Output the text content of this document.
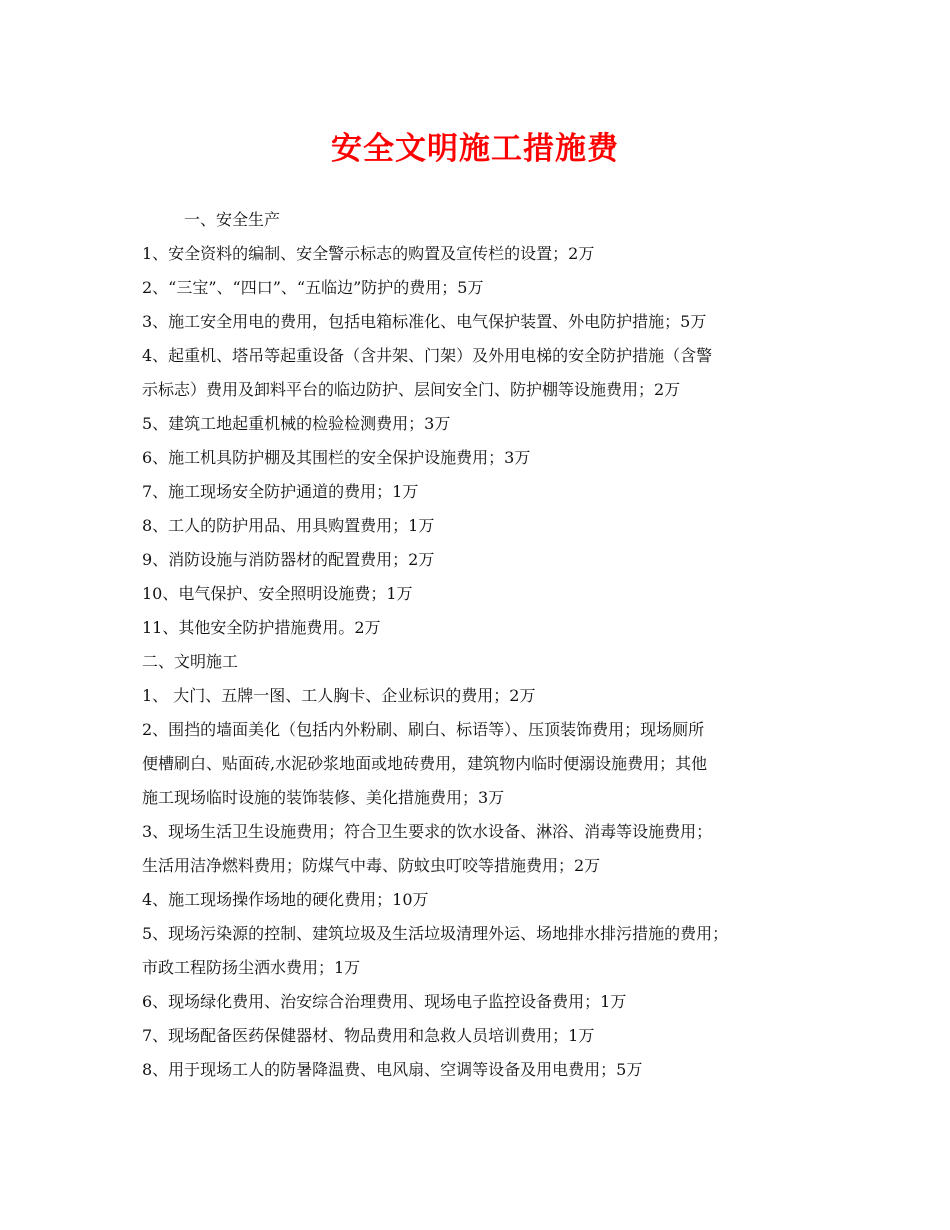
安全文明施工措施费
一、安全生产
1、安全资料的编制、安全警示标志的购置及宣传栏的设置；2万
2、“三宝”、“四口”、“五临边”防护的费用；5万
3、施工安全用电的费用，包括电箱标准化、电气保护装置、外电防护措施；5万
4、起重机、塔吊等起重设备（含井架、门架）及外用电梯的安全防护措施（含警
示标志）费用及卸料平台的临边防护、层间安全门、防护棚等设施费用；2万
5、建筑工地起重机械的检验检测费用；3万
6、施工机具防护棚及其围栏的安全保护设施费用；3万
7、施工现场安全防护通道的费用；1万
8、工人的防护用品、用具购置费用；1万
9、消防设施与消防器材的配置费用；2万
10、电气保护、安全照明设施费；1万
11、其他安全防护措施费用。2万
二、文明施工
1、 大门、五牌一图、工人胸卡、企业标识的费用；2万
2、围挡的墙面美化（包括内外粉刷、刷白、标语等）、压顶装饰费用；现场厕所
便槽刷白、贴面砖,水泥砂浆地面或地砖费用，建筑物内临时便溺设施费用；其他
施工现场临时设施的装饰装修、美化措施费用；3万
3、现场生活卫生设施费用；符合卫生要求的饮水设备、淋浴、消毒等设施费用；
生活用洁净燃料费用；防煤气中毒、防蚊虫叮咬等措施费用；2万
4、施工现场操作场地的硬化费用；10万
5、现场污染源的控制、建筑垃圾及生活垃圾清理外运、场地排水排污措施的费用；
市政工程防扬尘洒水费用；1万
6、现场绿化费用、治安综合治理费用、现场电子监控设备费用；1万
7、现场配备医药保健器材、物品费用和急救人员培训费用；1万
8、用于现场工人的防暑降温费、电风扇、空调等设备及用电费用；5万
